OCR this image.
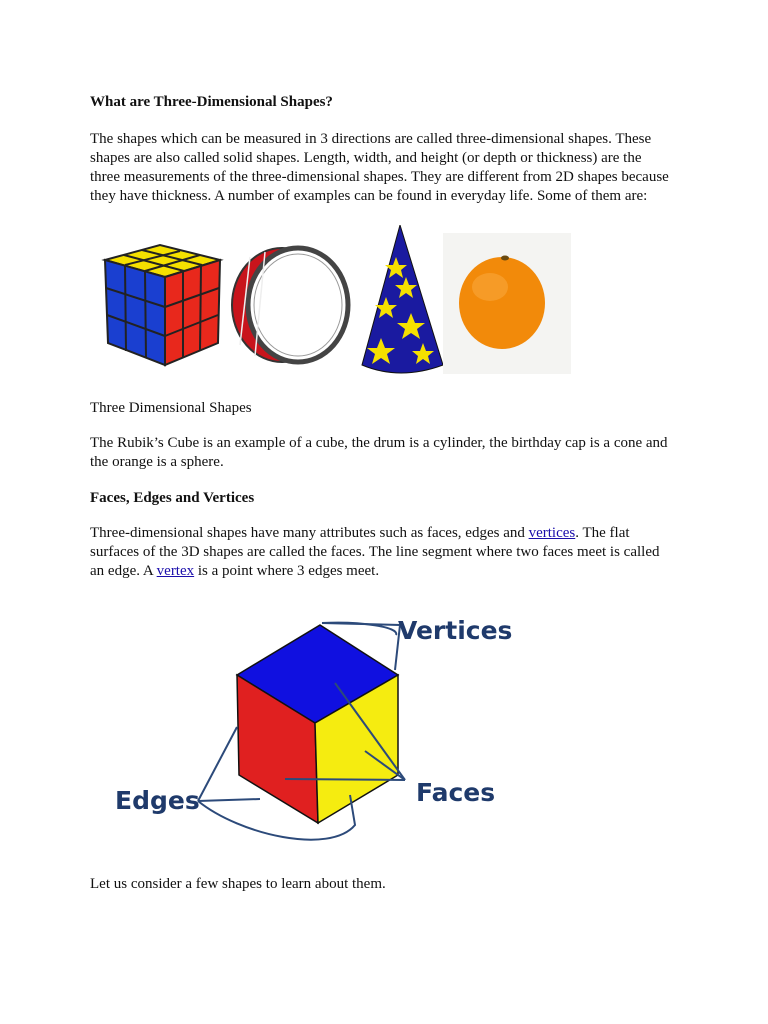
What are Three-Dimensional Shapes?
The shapes which can be measured in 3 directions are called three-dimensional shapes. These
shapes are also called solid shapes. Length, width, and height (or depth or thickness) are the
three measurements of the three-dimensional shapes. They are different from 2D shapes because
they have thickness. A number of examples can be found in everyday life. Some of them are:
Three Dimensional Shapes
The Rubik’s Cube is an example of a cube, the drum is a cylinder, the birthday cap is a cone and
the orange is a sphere.
Faces, Edges and Vertices
Three-dimensional shapes have many attributes such as faces, edges and vertices. The flat
surfaces of the 3D shapes are called the faces. The line segment where two faces meet is called
an edge. A vertex is a point where 3 edges meet.
Vertices
Faces
Edges
Let us consider a few shapes to learn about them.
